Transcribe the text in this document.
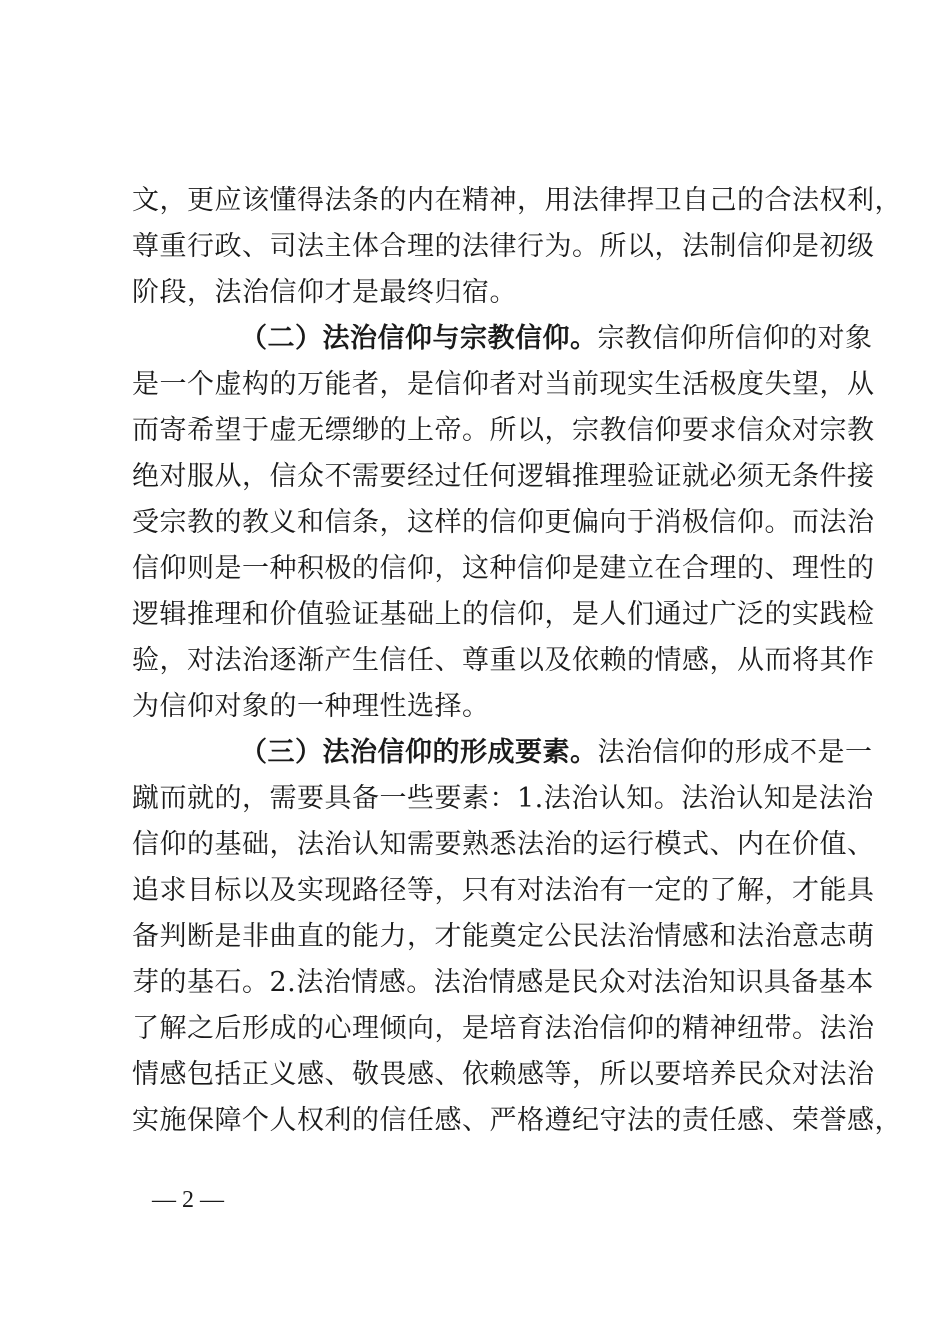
文，更应该懂得法条的内在精神，用法律捍卫自己的合法权利，
尊重行政、司法主体合理的法律行为。所以，法制信仰是初级
阶段，法治信仰才是最终归宿。
（二）法治信仰与宗教信仰。宗教信仰所信仰的对象
是一个虚构的万能者，是信仰者对当前现实生活极度失望，从
而寄希望于虚无缥缈的上帝。所以，宗教信仰要求信众对宗教
绝对服从，信众不需要经过任何逻辑推理验证就必须无条件接
受宗教的教义和信条，这样的信仰更偏向于消极信仰。而法治
信仰则是一种积极的信仰，这种信仰是建立在合理的、理性的
逻辑推理和价值验证基础上的信仰，是人们通过广泛的实践检
验，对法治逐渐产生信任、尊重以及依赖的情感，从而将其作
为信仰对象的一种理性选择。
（三）法治信仰的形成要素。法治信仰的形成不是一
蹴而就的，需要具备一些要素：1.法治认知。法治认知是法治
信仰的基础，法治认知需要熟悉法治的运行模式、内在价值、
追求目标以及实现路径等，只有对法治有一定的了解，才能具
备判断是非曲直的能力，才能奠定公民法治情感和法治意志萌
芽的基石。2.法治情感。法治情感是民众对法治知识具备基本
了解之后形成的心理倾向，是培育法治信仰的精神纽带。法治
情感包括正义感、敬畏感、依赖感等，所以要培养民众对法治
实施保障个人权利的信任感、严格遵纪守法的责任感、荣誉感，
— 2 —
